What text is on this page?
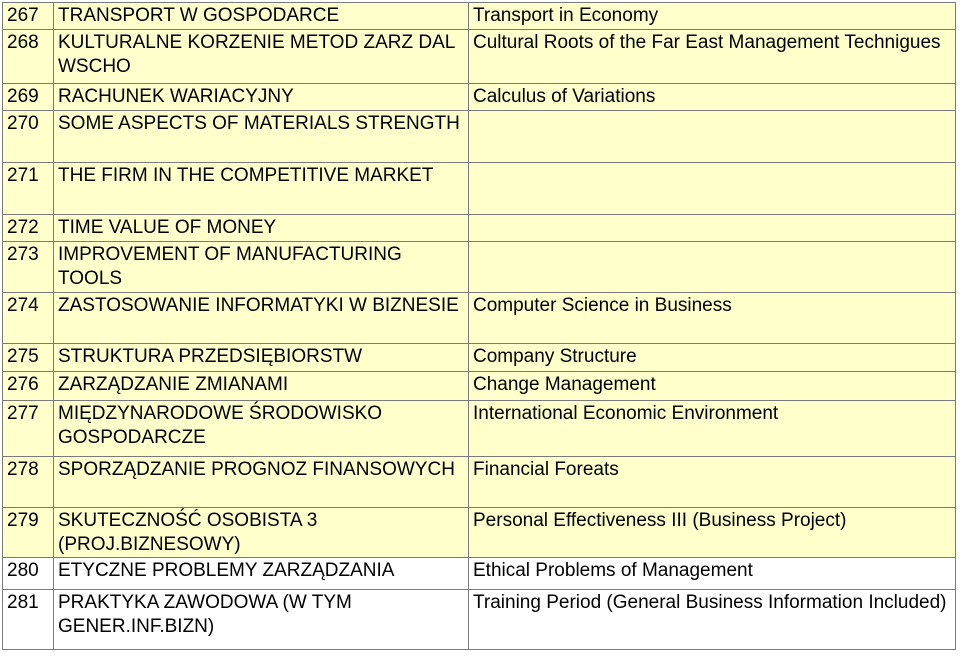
267	TRANSPORT W GOSPODARCE	Transport in Economy
268	KULTURALNE KORZENIE METOD ZARZ DAL WSCHO	Cultural Roots of the Far East Management Technigues
269	RACHUNEK WARIACYJNY	Calculus of Variations
270	SOME ASPECTS OF MATERIALS STRENGTH	
271	THE FIRM IN THE COMPETITIVE MARKET	
272	TIME VALUE OF MONEY	
273	IMPROVEMENT OF MANUFACTURING TOOLS	
274	ZASTOSOWANIE INFORMATYKI W BIZNESIE	Computer Science in Business
275	STRUKTURA PRZEDSIĘBIORSTW	Company Structure
276	ZARZĄDZANIE ZMIANAMI	Change Management
277	MIĘDZYNARODOWE ŚRODOWISKO GOSPODARCZE	International Economic Environment
278	SPORZĄDZANIE PROGNOZ FINANSOWYCH	Financial Foreats
279	SKUTECZNOŚĆ OSOBISTA 3 (PROJ.BIZNESOWY)	Personal Effectiveness III (Business Project)
280	ETYCZNE PROBLEMY ZARZĄDZANIA	Ethical Problems of Management
281	PRAKTYKA ZAWODOWA (W TYM GENER.INF.BIZN)	Training Period (General Business Information Included)
